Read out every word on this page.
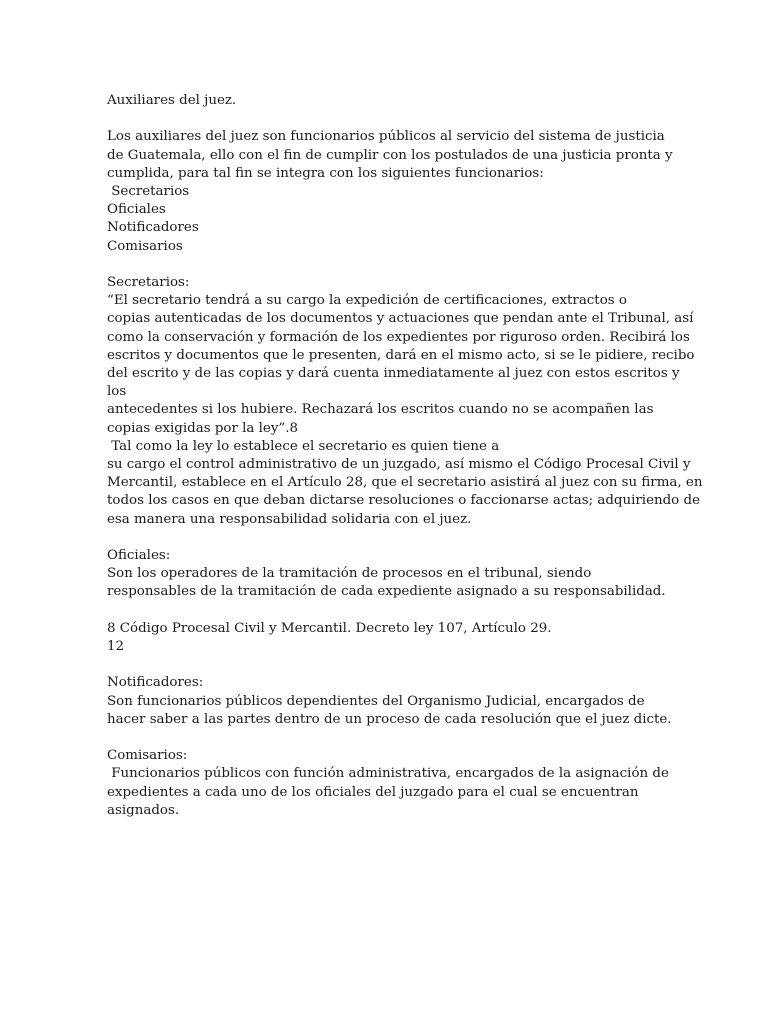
Auxiliares del juez.
Los auxiliares del juez son funcionarios públicos al servicio del sistema de justicia
de Guatemala, ello con el fin de cumplir con los postulados de una justicia pronta y
cumplida, para tal fin se integra con los siguientes funcionarios:
Secretarios
Oficiales
Notificadores
Comisarios
Secretarios:
“El secretario tendrá a su cargo la expedición de certificaciones, extractos o
copias autenticadas de los documentos y actuaciones que pendan ante el Tribunal, así
como la conservación y formación de los expedientes por riguroso orden. Recibirá los
escritos y documentos que le presenten, dará en el mismo acto, si se le pidiere, recibo
del escrito y de las copias y dará cuenta inmediatamente al juez con estos escritos y
los
antecedentes si los hubiere. Rechazará los escritos cuando no se acompañen las
copias exigidas por la ley”.8
Tal como la ley lo establece el secretario es quien tiene a
su cargo el control administrativo de un juzgado, así mismo el Código Procesal Civil y
Mercantil, establece en el Artículo 28, que el secretario asistirá al juez con su firma, en
todos los casos en que deban dictarse resoluciones o faccionarse actas; adquiriendo de
esa manera una responsabilidad solidaria con el juez.
Oficiales:
Son los operadores de la tramitación de procesos en el tribunal, siendo
responsables de la tramitación de cada expediente asignado a su responsabilidad.
8 Código Procesal Civil y Mercantil. Decreto ley 107, Artículo 29.
12
Notificadores:
Son funcionarios públicos dependientes del Organismo Judicial, encargados de
hacer saber a las partes dentro de un proceso de cada resolución que el juez dicte.
Comisarios:
Funcionarios públicos con función administrativa, encargados de la asignación de
expedientes a cada uno de los oficiales del juzgado para el cual se encuentran
asignados.
